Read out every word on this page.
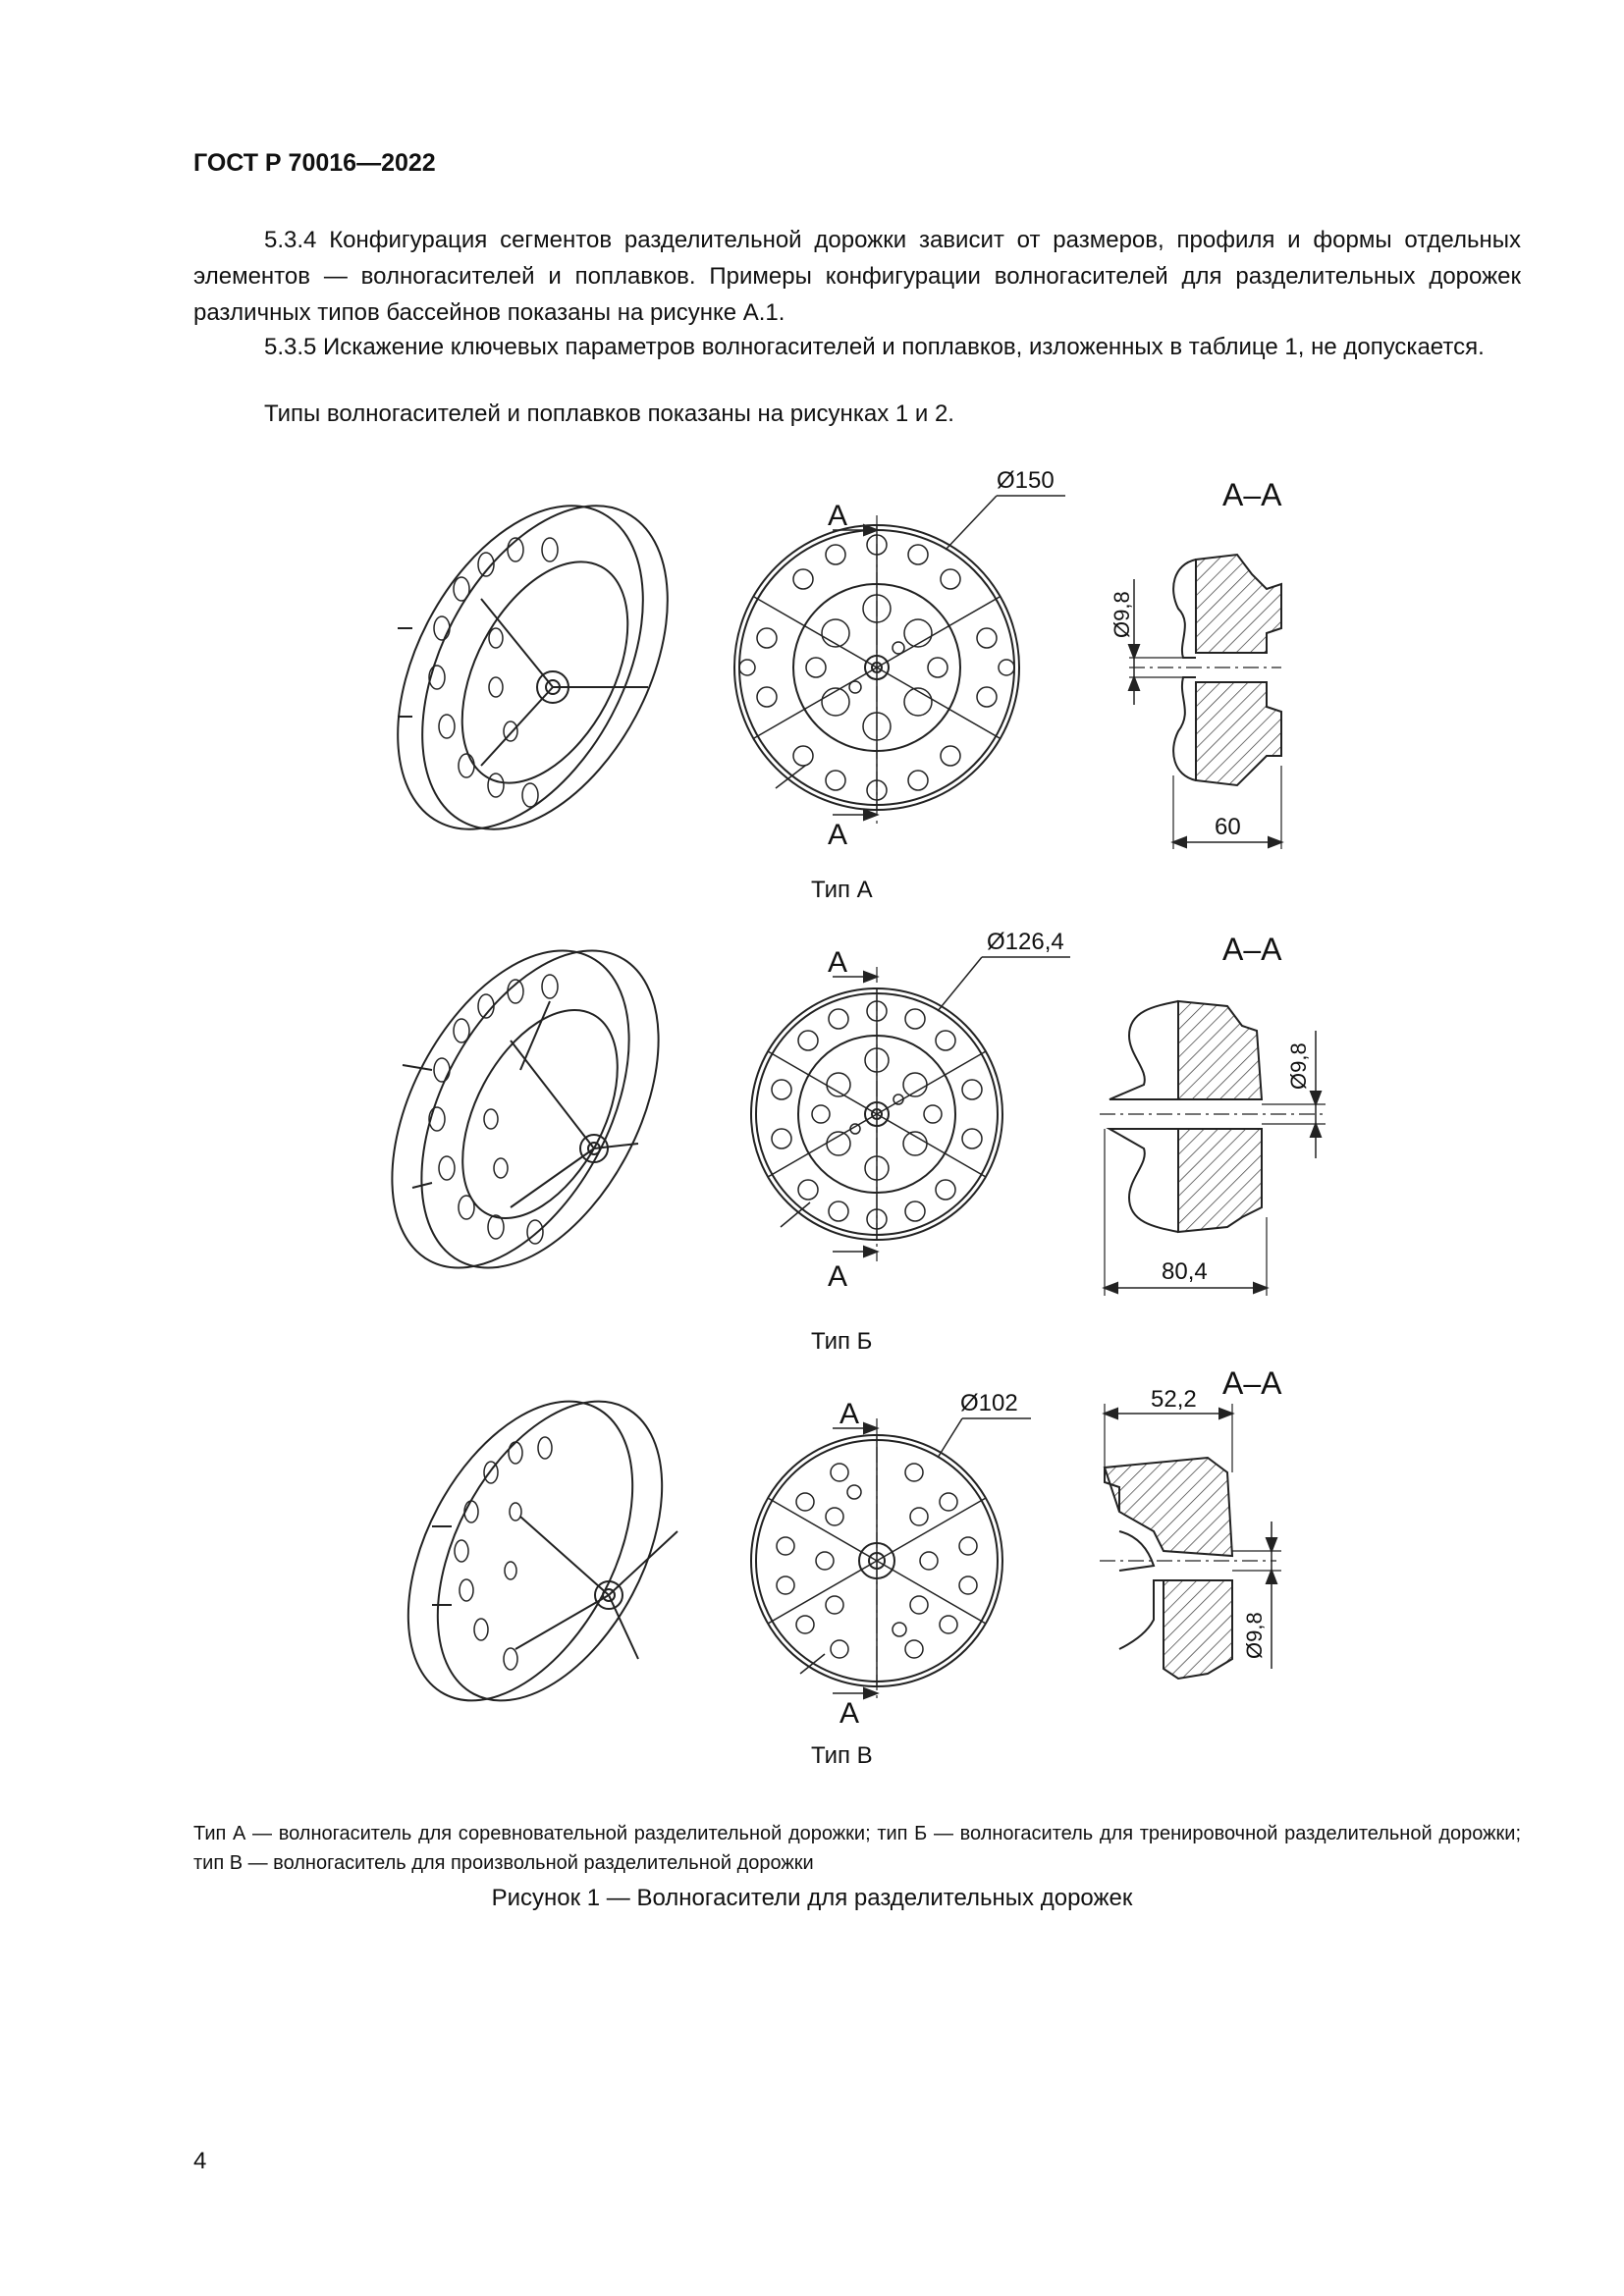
ГОСТ Р 70016—2022
5.3.4 Конфигурация сегментов разделительной дорожки зависит от размеров, профиля и формы отдельных элементов — волногасителей и поплавков. Примеры конфигурации волногасителей для разделительных дорожек различных типов бассейнов показаны на рисунке А.1.
5.3.5 Искажение ключевых параметров волногасителей и поплавков, изложенных в таблице 1, не допускается.
Типы волногасителей и поплавков показаны на рисунках 1 и 2.
А
А
Ø150	А–А
Ø9,8
60
А
А
Ø126,4	А–А
Ø9,8
80,4
А
А
Ø102
А–А
Ø9,8
52,2
Тип А
Тип Б
Тип В
Тип А — волногаситель для соревновательной разделительной дорожки; тип Б — волногаситель для тренировочной разделительной дорожки; тип В — волногаситель для произвольной разделительной дорожки
Рисунок 1 — Волногасители для разделительных дорожек
4
